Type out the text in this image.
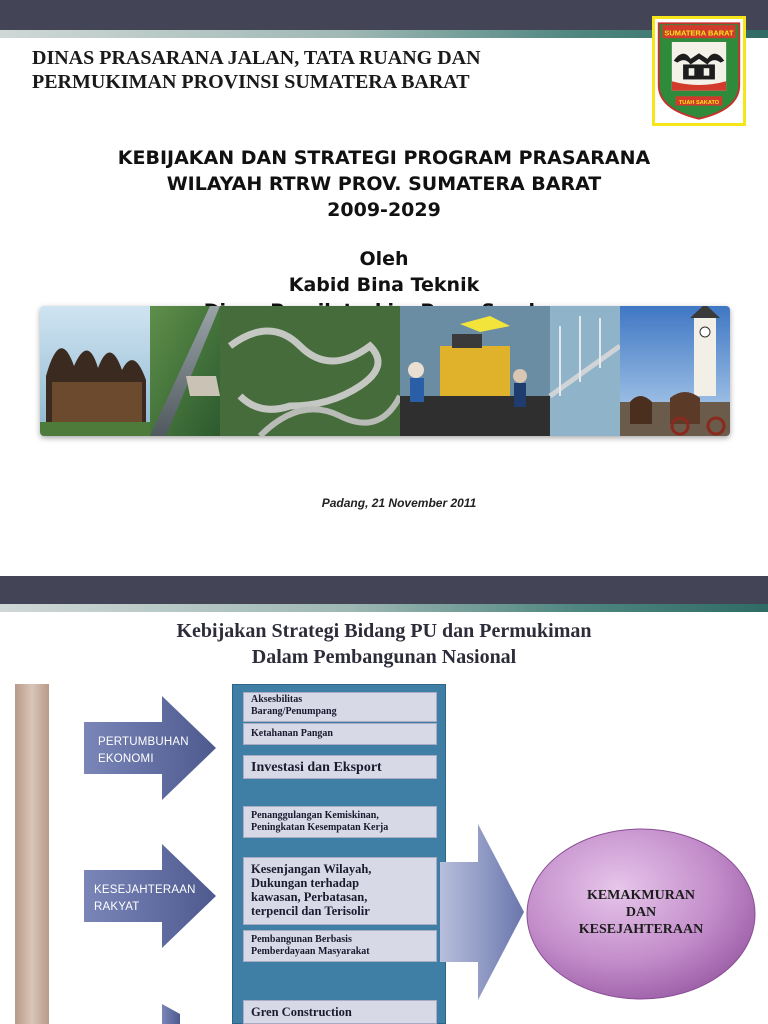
DINAS PRASARANA JALAN, TATA RUANG DAN
PERMUKIMAN PROVINSI SUMATERA BARAT
SUMATERA BARAT
TUAH SAKATO
KEBIJAKAN DAN STRATEGI PROGRAM PRASARANA
WILAYAH RTRW PROV. SUMATERA BARAT
2009-2029
Oleh
Kabid Bina Teknik
Padang, 21 November 2011
Kebijakan Strategi Bidang PU dan Permukiman
Dalam Pembangunan Nasional
PERTUMBUHAN
EKONOMI
KESEJAHTERAAN
RAKYAT
Aksesbilitas
Barang/Penumpang
Ketahanan Pangan
Investasi dan Eksport
Penanggulangan Kemiskinan,
Peningkatan Kesempatan Kerja
Kesenjangan Wilayah,
Dukungan terhadap
kawasan, Perbatasan,
terpencil dan Terisolir
Pembangunan Berbasis
Pemberdayaan Masyarakat
Gren Construction
KEMAKMURAN
DAN
KESEJAHTERAAN
